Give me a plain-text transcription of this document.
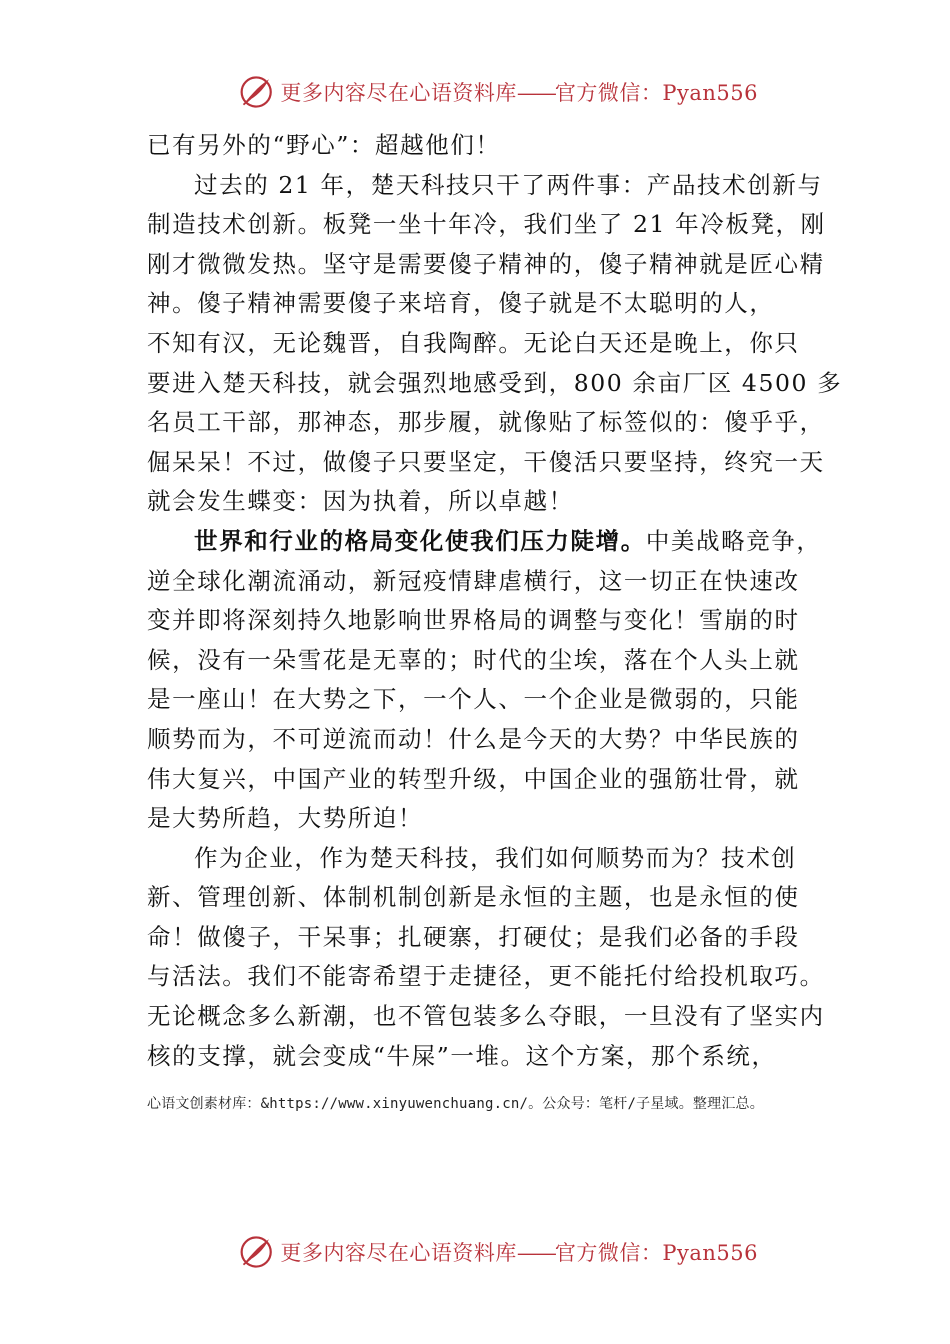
更多内容尽在心语资料库——官方微信：Pyan556
已有另外的“野心”：超越他们！
过去的 21 年，楚天科技只干了两件事：产品技术创新与
制造技术创新。板凳一坐十年冷，我们坐了 21 年冷板凳，刚
刚才微微发热。坚守是需要傻子精神的，傻子精神就是匠心精
神。傻子精神需要傻子来培育，傻子就是不太聪明的人，
不知有汉，无论魏晋，自我陶醉。无论白天还是晚上，你只
要进入楚天科技，就会强烈地感受到，800 余亩厂区 4500 多
名员工干部，那神态，那步履，就像贴了标签似的：傻乎乎，
倔呆呆！不过，做傻子只要坚定，干傻活只要坚持，终究一天
就会发生蝶变：因为执着，所以卓越！
世界和行业的格局变化使我们压力陡增。中美战略竞争，
逆全球化潮流涌动，新冠疫情肆虐横行，这一切正在快速改
变并即将深刻持久地影响世界格局的调整与变化！雪崩的时
候，没有一朵雪花是无辜的；时代的尘埃，落在个人头上就
是一座山！在大势之下，一个人、一个企业是微弱的，只能
顺势而为，不可逆流而动！什么是今天的大势？中华民族的
伟大复兴，中国产业的转型升级，中国企业的强筋壮骨，就
是大势所趋，大势所迫！
作为企业，作为楚天科技，我们如何顺势而为？技术创
新、管理创新、体制机制创新是永恒的主题，也是永恒的使
命！做傻子，干呆事；扎硬寨，打硬仗；是我们必备的手段
与活法。我们不能寄希望于走捷径，更不能托付给投机取巧。
无论概念多么新潮，也不管包装多么夺眼，一旦没有了坚实内
核的支撑，就会变成“牛屎”一堆。这个方案，那个系统，
心语文创素材库：&https://www.xinyuwenchuang.cn/。公众号：笔杆/子星域。整理汇总。
更多内容尽在心语资料库——官方微信：Pyan556
